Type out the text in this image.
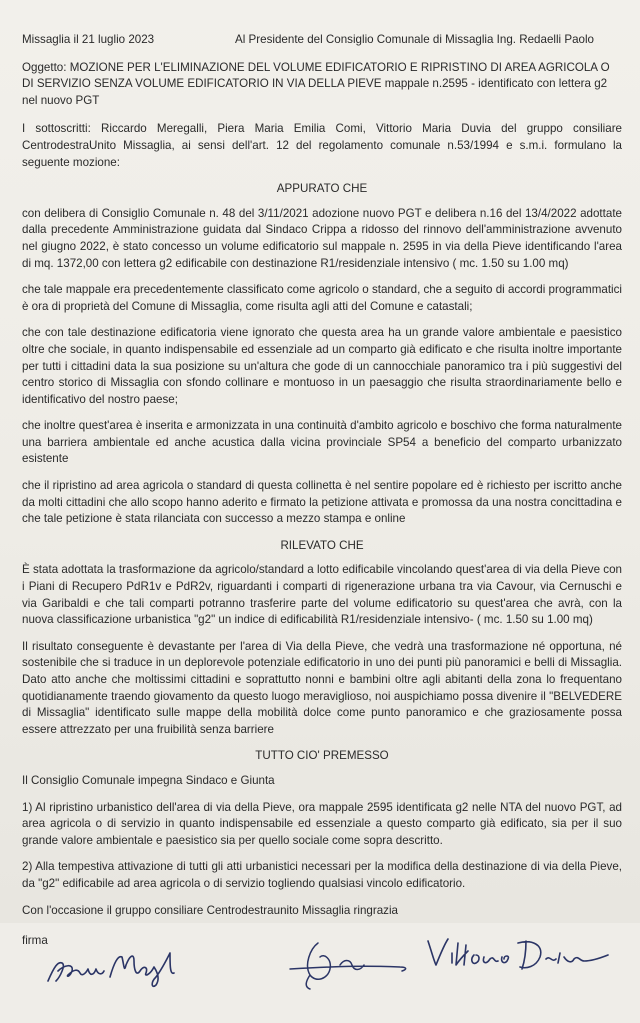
Missaglia il 21 luglio 2023	Al Presidente del Consiglio Comunale di Missaglia Ing. Redaelli Paolo
Oggetto: MOZIONE PER L'ELIMINAZIONE DEL VOLUME EDIFICATORIO E RIPRISTINO DI AREA AGRICOLA O DI SERVIZIO SENZA VOLUME EDIFICATORIO IN VIA DELLA PIEVE mappale n.2595 - identificato con lettera g2 nel nuovo PGT

I sottoscritti: Riccardo Meregalli, Piera Maria Emilia Comi, Vittorio Maria Duvia del gruppo consiliare CentrodestraUnito Missaglia, ai sensi dell'art. 12 del regolamento comunale n.53/1994 e s.m.i. formulano la seguente mozione:

APPURATO CHE

con delibera di Consiglio Comunale n. 48 del 3/11/2021 adozione nuovo PGT e delibera n.16 del 13/4/2022 adottate dalla precedente Amministrazione guidata dal Sindaco Crippa a ridosso del rinnovo dell'amministrazione avvenuto nel giugno 2022, è stato concesso un volume edificatorio sul mappale n. 2595 in via della Pieve identificando l'area di mq. 1372,00 con lettera g2 edificabile con destinazione R1/residenziale intensivo ( mc. 1.50 su 1.00 mq)

che tale mappale era precedentemente classificato come agricolo o standard, che a seguito di accordi programmatici è ora di proprietà del Comune di Missaglia, come risulta agli atti del Comune e catastali;

che con tale destinazione edificatoria viene ignorato che questa area ha un grande valore ambientale e paesistico oltre che sociale, in quanto indispensabile ed essenziale ad un comparto già edificato e che risulta inoltre importante per tutti i cittadini data la sua posizione su un'altura che gode di un cannocchiale panoramico tra i più suggestivi del centro storico di Missaglia con sfondo collinare e montuoso in un paesaggio che risulta straordinariamente bello e identificativo del nostro paese;

che inoltre quest'area è inserita e armonizzata in una continuità d'ambito agricolo e boschivo che forma naturalmente una barriera ambientale ed anche acustica dalla vicina provinciale SP54 a beneficio del comparto urbanizzato esistente

che il ripristino ad area agricola o standard di questa collinetta è nel sentire popolare ed è richiesto per iscritto anche da molti cittadini che allo scopo hanno aderito e firmato la petizione attivata e promossa da una nostra concittadina e che tale petizione è stata rilanciata con successo a mezzo stampa e online

RILEVATO CHE

È stata adottata la trasformazione da agricolo/standard a lotto edificabile vincolando quest'area di via della Pieve con i Piani di Recupero PdR1v e PdR2v, riguardanti i comparti di rigenerazione urbana tra via Cavour, via Cernuschi e via Garibaldi e che tali comparti potranno trasferire parte del volume edificatorio su quest'area che avrà, con la nuova classificazione urbanistica "g2" un indice di edificabilità R1/residenziale intensivo- ( mc. 1.50 su 1.00 mq)

Il risultato conseguente è devastante per l'area di Via della Pieve, che vedrà una trasformazione né opportuna, né sostenibile che si traduce in un deplorevole potenziale edificatorio in uno dei punti più panoramici e belli di Missaglia. Dato atto anche che moltissimi cittadini e soprattutto nonni e bambini oltre agli abitanti della zona lo frequentano quotidianamente traendo giovamento da questo luogo meraviglioso, noi auspichiamo possa divenire il "BELVEDERE di Missaglia" identificato sulle mappe della mobilità dolce come punto panoramico e che graziosamente possa essere attrezzato per una fruibilità senza barriere

TUTTO CIO' PREMESSO

Il Consiglio Comunale impegna Sindaco e Giunta

1) Al ripristino urbanistico dell'area di via della Pieve, ora mappale 2595 identificata g2 nelle NTA del nuovo PGT, ad area agricola o di servizio in quanto indispensabile ed essenziale a questo comparto già edificato, sia per il suo grande valore ambientale e paesistico sia per quello sociale come sopra descritto.
2) Alla tempestiva attivazione di tutti gli atti urbanistici necessari per la modifica della destinazione di via della Pieve, da "g2" edificabile ad area agricola o di servizio togliendo qualsiasi vincolo edificatorio.

Con l'occasione il gruppo consiliare Centrodestraunito Missaglia ringrazia

firma
